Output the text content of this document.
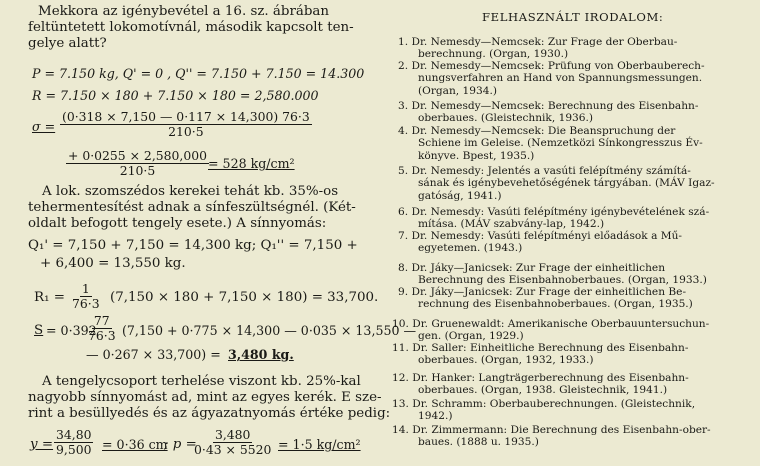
Mekkora az igénybevétel a 16. sz. ábrában
feltüntetett lokomotívnál, második kapcsolt ten-
gelye alatt?
P = 7.150 kg, Q' = 0 , Q'' = 7.150 + 7.150 = 14.300
R = 7.150 × 180 + 7.150 × 180 = 2,580.000
$\sigma = \frac{(0\cdot 318 \times 7,150 — 0\cdot 117 \times 14,300) 76\cdot 3}{210\cdot 5}$
$\frac{+ 0\cdot 0255 \times 2,580,000}{210\cdot 5} = 528$ kg/cm²
A lok. szomszédos kerekei tehát kb. 35%-os
tehermentesítést adnak a sínfeszültségnél. (Két-
oldalt befogott tengely esete.) A sínnyomás:
Q₁' = 7,150 + 7,150 = 14,300 kg; Q₁'' = 7,150 +
+ 6,400 = 13,550 kg.
$R_1 = \frac{1}{76\cdot 3} (7,150 \times 180 + 7,150 \times 180) = 33,700$.
S = 0·392
$\frac{77}{76\cdot 3} (7,150 + 0\cdot 775 \times 14,300$ — 0·035 × 13,550 —
— 0·267 × 33,700) = 3,480 kg.
A tengelycsoport terhelése viszont kb. 25%-kal
nagyobb sínnyomást ad, mint az egyes kerék. E sze-
rint a besüllyedés és az ágyazatnyomás értéke pedig:
$y = \frac{34,80}{9,500} = 0\cdot 36$ cm
; p =
$\frac{3,480}{0\cdot 43 \times 5520} = 1\cdot 5$ kg/cm²
FELHASZNÁLT IRODALOM:
1. Dr. Nemesdy—Nemcsek: Zur Frage der Oberbau-
berechnung. (Organ, 1930.)
2. Dr. Nemesdy—Nemcsek: Prüfung von Oberbauberech-
nungsverfahren an Hand von Spannungsmessungen.
(Organ, 1934.)
3. Dr. Nemesdy—Nemcsek: Berechnung des Eisenbahn-
oberbaues. (Gleistechnik, 1936.)
4. Dr. Nemesdy—Nemcsek: Die Beanspruchung der
Schiene im Geleise. (Nemzetközi Sínkongresszus Év-
könyve. Bpest, 1935.)
5. Dr. Nemesdy: Jelentés a vasúti felépítmény számítá-
sának és igénybevehetőségének tárgyában. (MÁV Igaz-
gatóság, 1941.)
6. Dr. Nemesdy: Vasúti felépítmény igénybevételének szá-
mítása. (MÁV szabvány-lap, 1942.)
7. Dr. Nemesdy: Vasúti felépítményi előadások a Mű-
egyetemen. (1943.)
8. Dr. Jáky—Janicsek: Zur Frage der einheitlichen
Berechnung des Eisenbahnoberbaues. (Organ, 1933.)
9. Dr. Jáky—Janicsek: Zur Frage der einheitlichen Be-
rechnung des Eisenbahnoberbaues. (Organ, 1935.)
10. Dr. Gruenewaldt: Amerikanische Oberbauuntersuchun-
gen. (Organ, 1929.)
11. Dr. Saller: Einheitliche Berechnung des Eisenbahn-
oberbaues. (Organ, 1932, 1933.)
12. Dr. Hanker: Langträgerberechnung des Eisenbahn-
oberbaues. (Organ, 1938. Gleistechnik, 1941.)
13. Dr. Schramm: Oberbauberechnungen. (Gleistechnik,
1942.)
14. Dr. Zimmermann: Die Berechnung des Eisenbahn-ober-
baues. (1888 u. 1935.)
